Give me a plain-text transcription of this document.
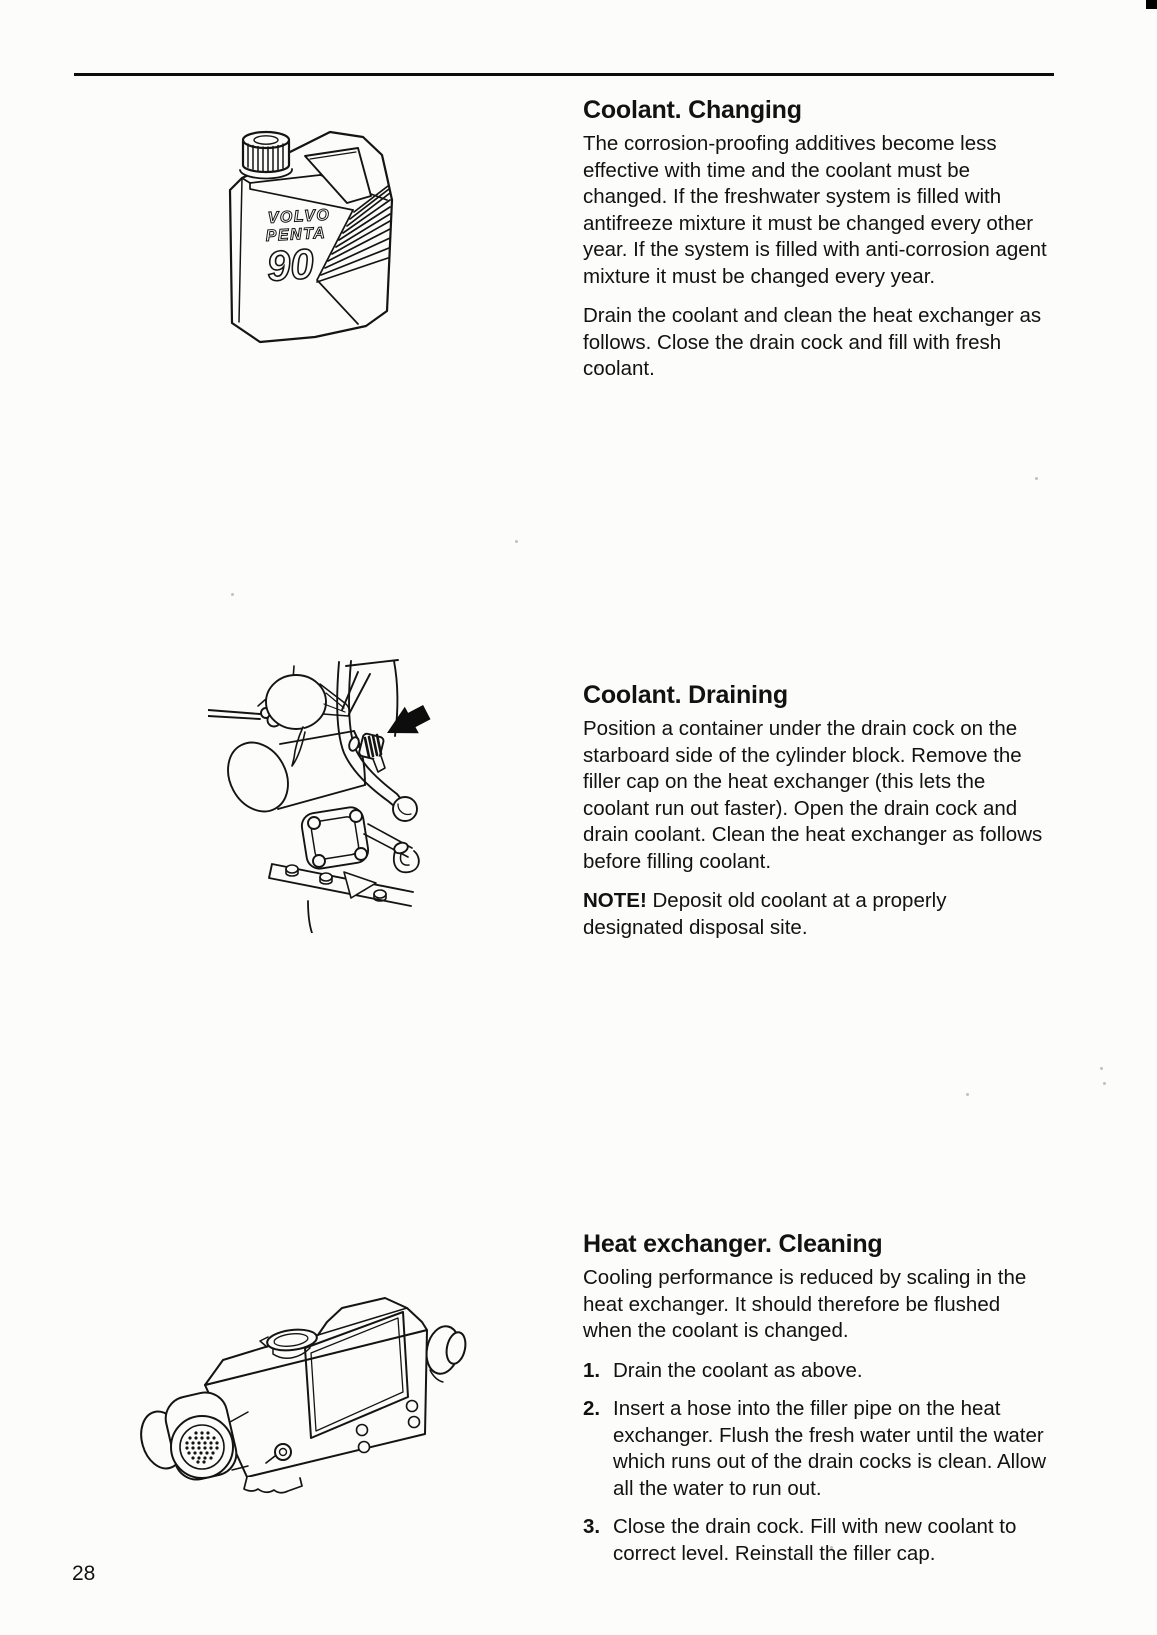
VOLVO
PENTA
90
Coolant. Changing

The corrosion-proofing additives become less effective with time and the coolant must be changed. If the freshwater system is filled with antifreeze mixture it must be changed every other year. If the system is filled with anti-corrosion agent mixture it must be changed every year.

Drain the coolant and clean the heat exchanger as follows. Close the drain cock and fill with fresh coolant.

Coolant. Draining

Position a container under the drain cock on the starboard side of the cylinder block. Remove the filler cap on the heat exchanger (this lets the coolant run out faster). Open the drain cock and drain coolant. Clean the heat exchanger as follows before filling coolant.

NOTE! Deposit old coolant at a properly designated disposal site.

Heat exchanger. Cleaning

Cooling performance is reduced by scaling in the heat exchanger. It should therefore be flushed when the coolant is changed.

1. Drain the coolant as above.
2. Insert a hose into the filler pipe on the heat exchanger. Flush the fresh water until the water which runs out of the drain cocks is clean. Allow all the water to run out.
3. Close the drain cock. Fill with new coolant to correct level. Reinstall the filler cap.
28
